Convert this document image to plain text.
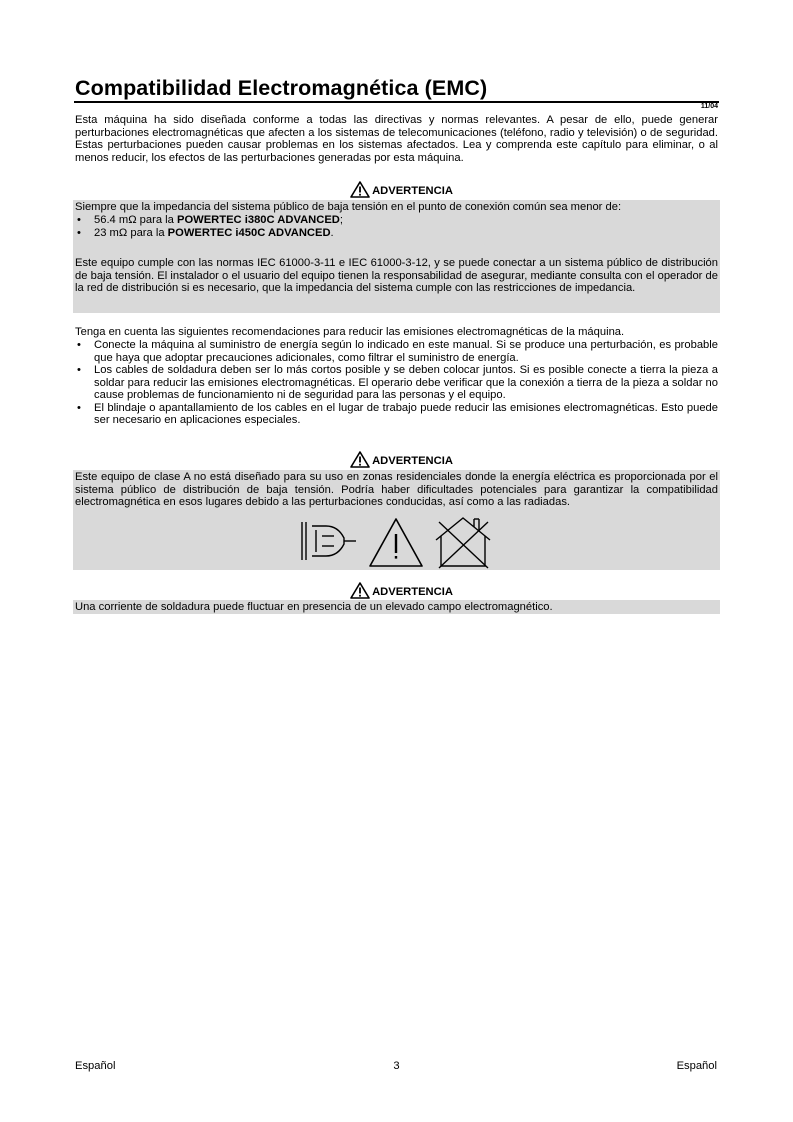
Compatibilidad Electromagnética (EMC)
11/04

Esta máquina ha sido diseñada conforme a todas las directivas y normas relevantes. A pesar de ello, puede generar perturbaciones electromagnéticas que afecten a los sistemas de telecomunicaciones (teléfono, radio y televisión) o de seguridad. Estas perturbaciones pueden causar problemas en los sistemas afectados. Lea y comprenda este capítulo para eliminar, o al menos reducir, los efectos de las perturbaciones generadas por esta máquina.

ADVERTENCIA

Siempre que la impedancia del sistema público de baja tensión en el punto de conexión común sea menor de:

• 56.4 mΩ para la POWERTEC i380C ADVANCED;
• 23 mΩ para la POWERTEC i450C ADVANCED.

Este equipo cumple con las normas IEC 61000-3-11 e IEC 61000-3-12, y se puede conectar a un sistema público de distribución de baja tensión. El instalador o el usuario del equipo tienen la responsabilidad de asegurar, mediante consulta con el operador de la red de distribución si es necesario, que la impedancia del sistema cumple con las restricciones de impedancia.

Tenga en cuenta las siguientes recomendaciones para reducir las emisiones electromagnéticas de la máquina.

• Conecte la máquina al suministro de energía según lo indicado en este manual. Si se produce una perturbación, es probable que haya que adoptar precauciones adicionales, como filtrar el suministro de energía.
• Los cables de soldadura deben ser lo más cortos posible y se deben colocar juntos. Si es posible conecte a tierra la pieza a soldar para reducir las emisiones electromagnéticas. El operario debe verificar que la conexión a tierra de la pieza a soldar no cause problemas de funcionamiento ni de seguridad para las personas y el equipo.
• El blindaje o apantallamiento de los cables en el lugar de trabajo puede reducir las emisiones electromagnéticas. Esto puede ser necesario en aplicaciones especiales.
ADVERTENCIA

Este equipo de clase A no está diseñado para su uso en zonas residenciales donde la energía eléctrica es proporcionada por el sistema público de distribución de baja tensión. Podría haber dificultades potenciales para garantizar la compatibilidad electromagnética en esos lugares debido a las perturbaciones conducidas, así como a las radiadas.

ADVERTENCIA

Una corriente de soldadura puede fluctuar en presencia de un elevado campo electromagnético.

Español	3	Español
